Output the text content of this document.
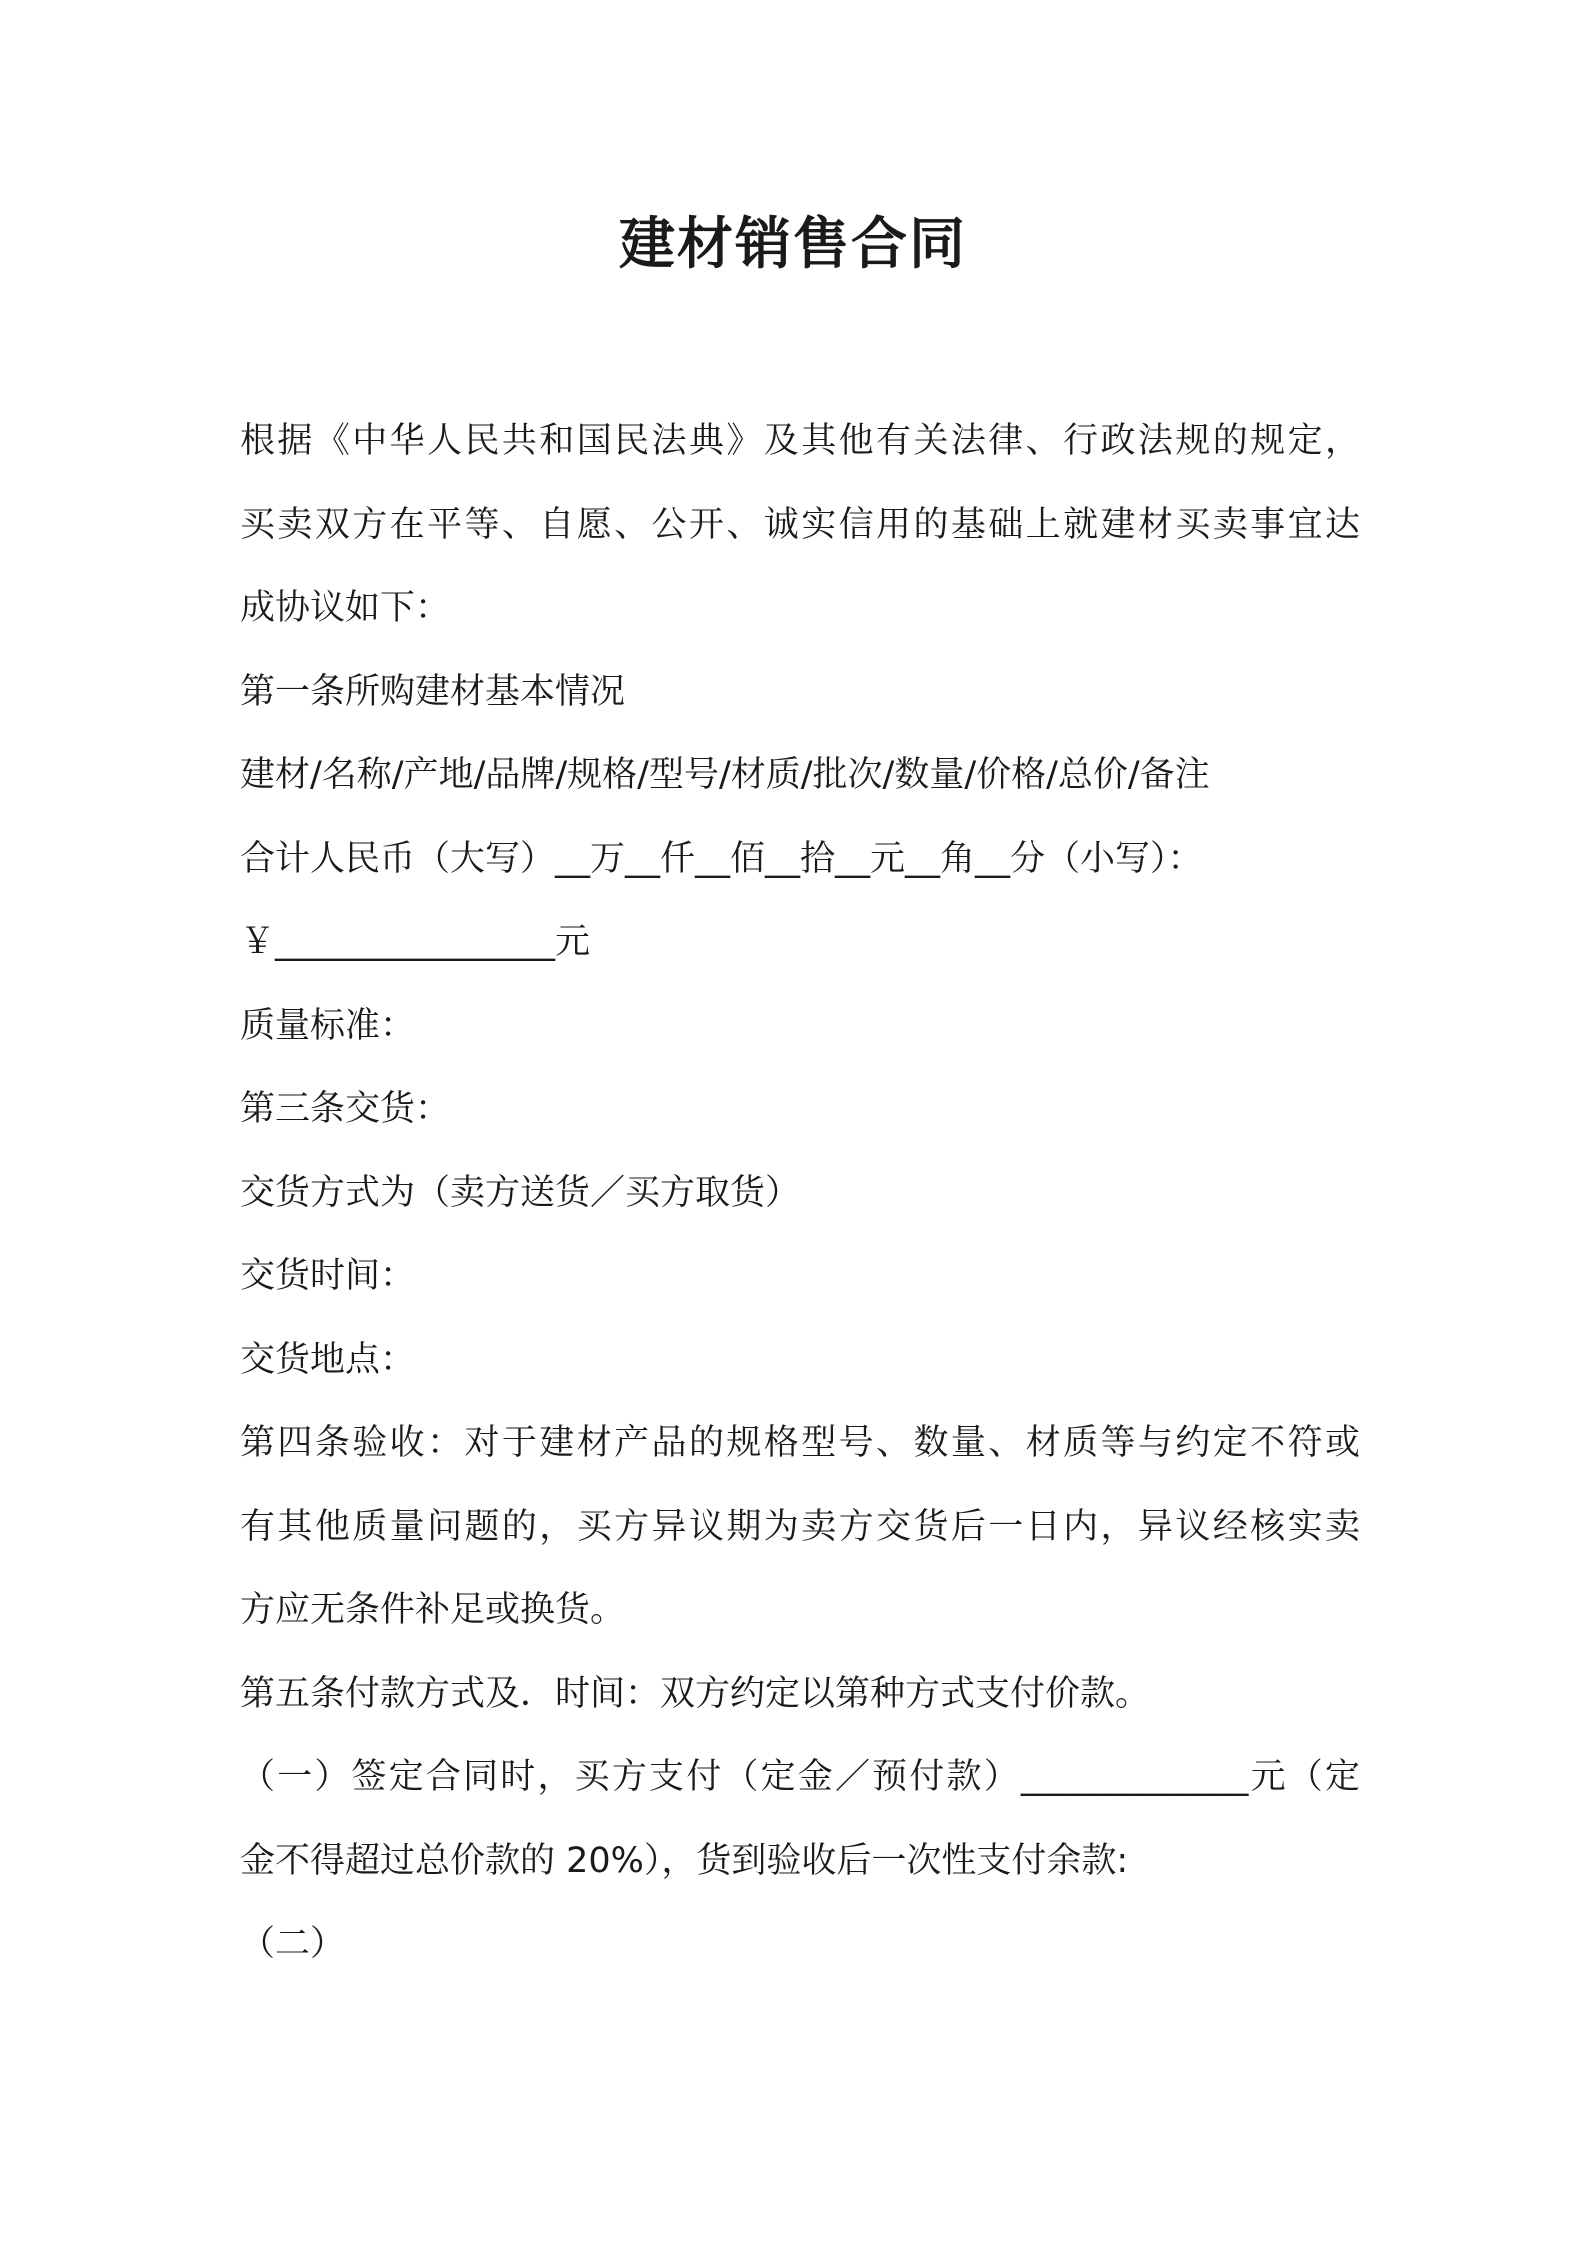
建材销售合同

根据《中华人民共和国民法典》及其他有关法律、行政法规的规定，

买卖双方在平等、自愿、公开、诚实信用的基础上就建材买卖事宜达

成协议如下：

第一条所购建材基本情况

建材/名称/产地/品牌/规格/型号/材质/批次/数量/价格/总价/备注

合计人民币（大写）__万__仟__佰__拾__元__角__分（小写）：

￥________________元

质量标准：

第三条交货：

交货方式为（卖方送货／买方取货）

交货时间：

交货地点：

第四条验收：对于建材产品的规格型号、数量、材质等与约定不符或

有其他质量问题的，买方异议期为卖方交货后一日内，异议经核实卖

方应无条件补足或换货。

第五条付款方式及．时间：双方约定以第种方式支付价款。

（一）签定合同时，买方支付（定金／预付款）_____________元（定

金不得超过总价款的 20%），货到验收后一次性支付余款:

（二）
